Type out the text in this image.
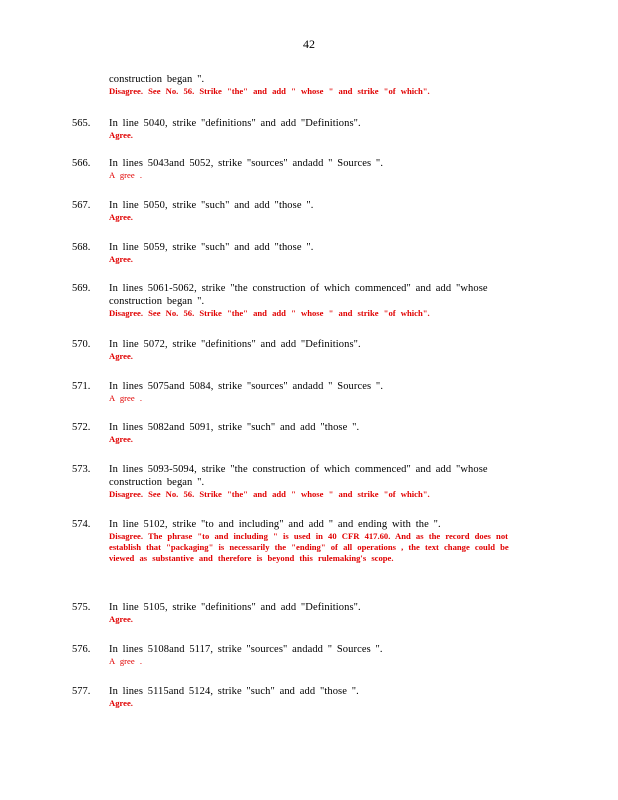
42
construction began ".
Disagree. See No. 56. Strike "the" and add " whose " and strike "of which".
565. In line 5040, strike "definitions" and add "Definitions".
Agree.
566. In lines 5043and 5052, strike "sources" andadd " Sources ".
A gree .
567. In line 5050, strike "such" and add "those ".
Agree.
568. In line 5059, strike "such" and add "those ".
Agree.
569. In lines 5061-5062, strike "the construction of which commenced" and add "whose construction began ".
Disagree. See No. 56. Strike "the" and add " whose " and strike "of which".
570. In line 5072, strike "definitions" and add "Definitions".
Agree.
571. In lines 5075and 5084, strike "sources" andadd " Sources ".
A gree .
572. In lines 5082and 5091, strike "such" and add "those ".
Agree.
573. In lines 5093-5094, strike "the construction of which commenced" and add "whose construction began ".
Disagree. See No. 56. Strike "the" and add " whose " and strike "of which".
574. In line 5102, strike "to and including" and add " and ending with the ".
Disagree. The phrase "to and including " is used in 40 CFR 417.60. And as the record does not establish that "packaging" is necessarily the "ending" of all operations , the text change could be viewed as substantive and therefore is beyond this rulemaking's scope.
575. In line 5105, strike "definitions" and add "Definitions".
Agree.
576. In lines 5108and 5117, strike "sources" andadd " Sources ".
A gree .
577. In lines 5115and 5124, strike "such" and add "those ".
Agree.
